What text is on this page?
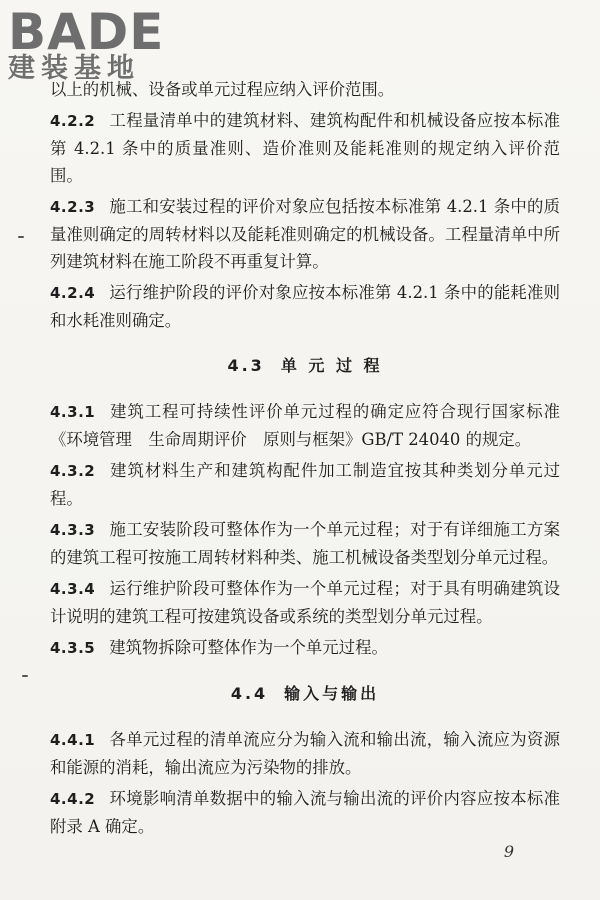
BADE
建装基地

以上的机械、设备或单元过程应纳入评价范围。

4.2.2 工程量清单中的建筑材料、建筑构配件和机械设备应按本标准第 4.2.1 条中的质量准则、造价准则及能耗准则的规定纳入评价范围。

4.2.3 施工和安装过程的评价对象应包括按本标准第 4.2.1 条中的质量准则确定的周转材料以及能耗准则确定的机械设备。工程量清单中所列建筑材料在施工阶段不再重复计算。

4.2.4 运行维护阶段的评价对象应按本标准第 4.2.1 条中的能耗准则和水耗准则确定。

4.3 单 元 过 程

4.3.1 建筑工程可持续性评价单元过程的确定应符合现行国家标准《环境管理　生命周期评价　原则与框架》GB/T 24040 的规定。

4.3.2 建筑材料生产和建筑构配件加工制造宜按其种类划分单元过程。

4.3.3 施工安装阶段可整体作为一个单元过程；对于有详细施工方案的建筑工程可按施工周转材料种类、施工机械设备类型划分单元过程。

4.3.4 运行维护阶段可整体作为一个单元过程；对于具有明确建筑设计说明的建筑工程可按建筑设备或系统的类型划分单元过程。

4.3.5 建筑物拆除可整体作为一个单元过程。

4.4 输入与输出

4.4.1 各单元过程的清单流应分为输入流和输出流，输入流应为资源和能源的消耗，输出流应为污染物的排放。

4.4.2 环境影响清单数据中的输入流与输出流的评价内容应按本标准附录 A 确定。

9
